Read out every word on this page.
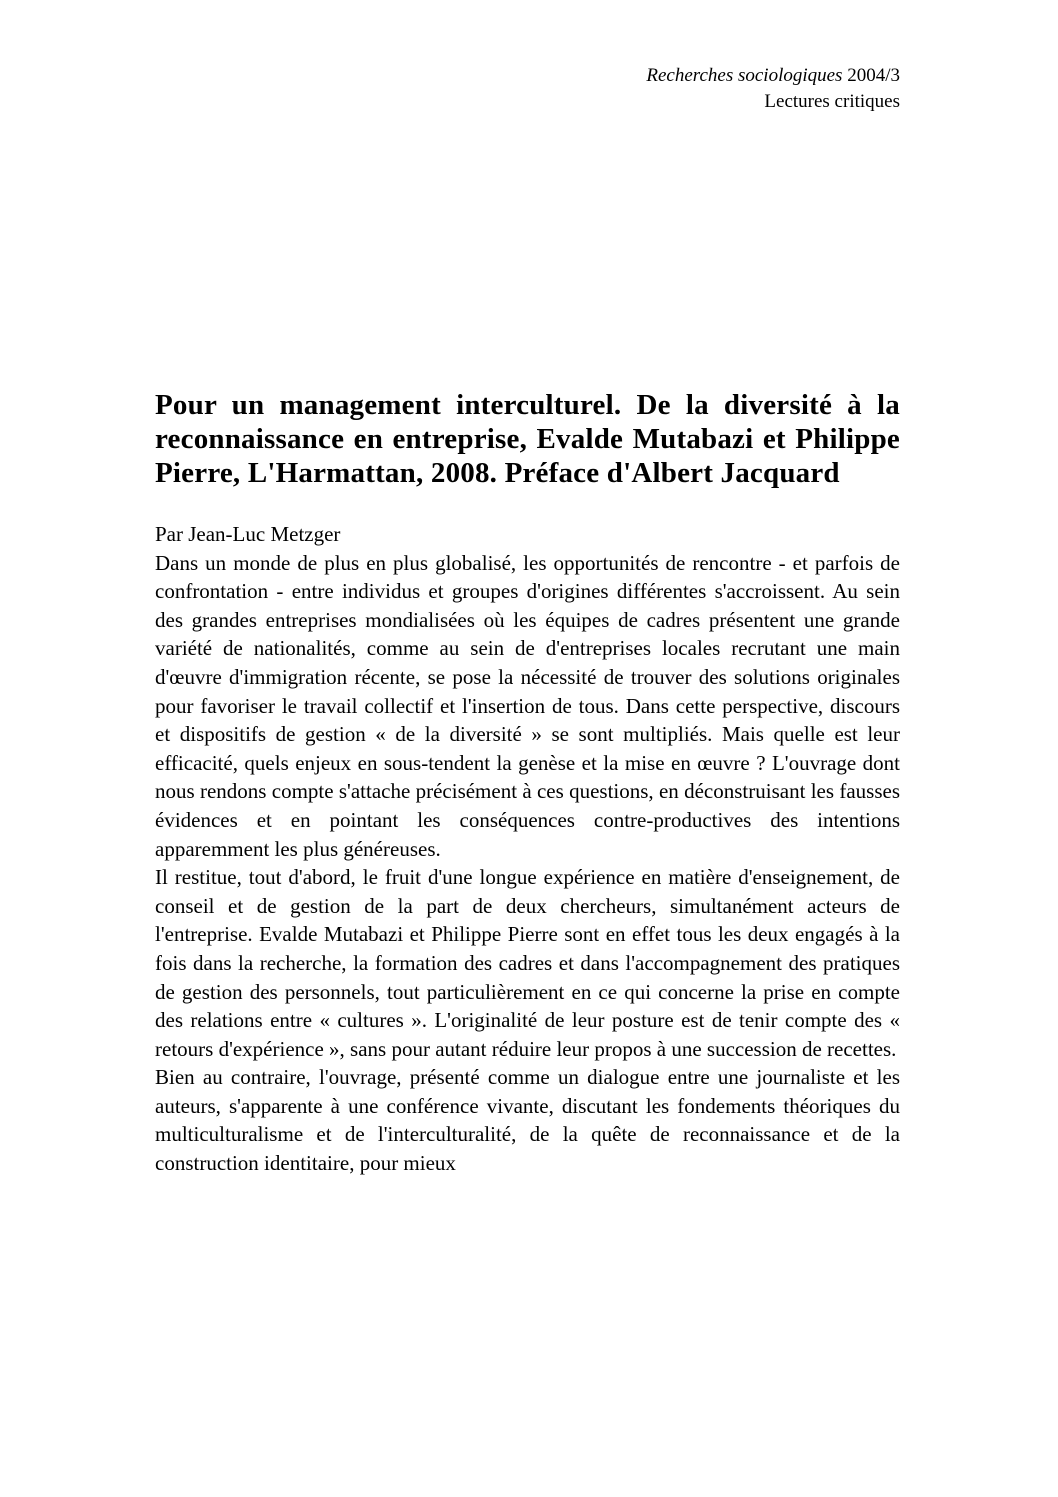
Recherches sociologiques 2004/3
Lectures critiques
Pour un management interculturel. De la diversité à la reconnaissance en entreprise, Evalde Mutabazi et Philippe Pierre, L'Harmattan, 2008. Préface d'Albert Jacquard

Par Jean-Luc Metzger

Dans un monde de plus en plus globalisé, les opportunités de rencontre - et parfois de confrontation - entre individus et groupes d'origines différentes s'accroissent. Au sein des grandes entreprises mondialisées où les équipes de cadres présentent une grande variété de nationalités, comme au sein de d'entreprises locales recrutant une main d'œuvre d'immigration récente, se pose la nécessité de trouver des solutions originales pour favoriser le travail collectif et l'insertion de tous. Dans cette perspective, discours et dispositifs de gestion « de la diversité » se sont multipliés. Mais quelle est leur efficacité, quels enjeux en sous-tendent la genèse et la mise en œuvre ? L'ouvrage dont nous rendons compte s'attache précisément à ces questions, en déconstruisant les fausses évidences et en pointant les conséquences contre-productives des intentions apparemment les plus généreuses.

Il restitue, tout d'abord, le fruit d'une longue expérience en matière d'enseignement, de conseil et de gestion de la part de deux chercheurs, simultanément acteurs de l'entreprise. Evalde Mutabazi et Philippe Pierre sont en effet tous les deux engagés à la fois dans la recherche, la formation des cadres et dans l'accompagnement des pratiques de gestion des personnels, tout particulièrement en ce qui concerne la prise en compte des relations entre « cultures ». L'originalité de leur posture est de tenir compte des « retours d'expérience », sans pour autant réduire leur propos à une succession de recettes.

Bien au contraire, l'ouvrage, présenté comme un dialogue entre une journaliste et les auteurs, s'apparente à une conférence vivante, discutant les fondements théoriques du multiculturalisme et de l'interculturalité, de la quête de reconnaissance et de la construction identitaire, pour mieux
